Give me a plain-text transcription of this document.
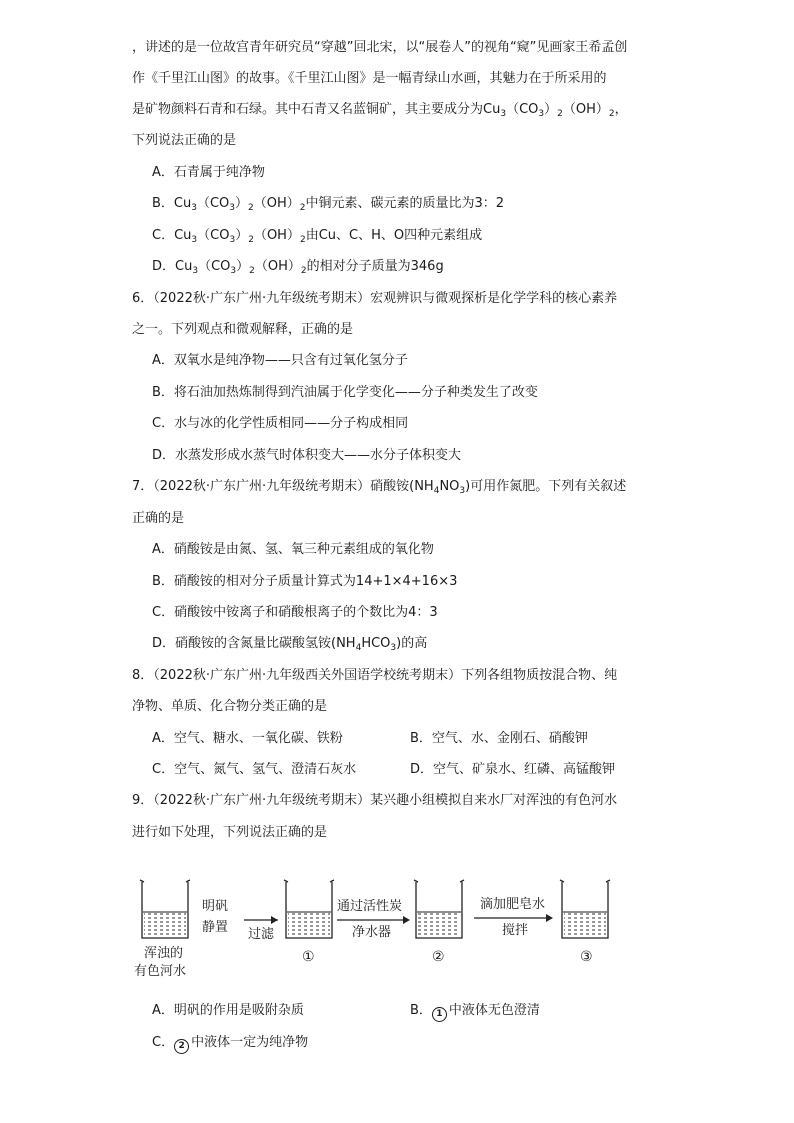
，讲述的是一位故宫青年研究员“穿越”回北宋，以“展卷人”的视角“窥”见画家王希孟创
作《千里江山图》的故事。《千里江山图》是一幅青绿山水画，其魅力在于所采用的
是矿物颜料石青和石绿。其中石青又名蓝铜矿，其主要成分为$Cu_3(CO_3)_2(OH)_2$，
下列说法正确的是
A．石青属于纯净物
B．$Cu_3(CO_3)_2(OH)_2$中铜元素、碳元素的质量比为3：2
C．$Cu_3(CO_3)_2(OH)_2$由Cu、C、H、O四种元素组成
D．$Cu_3(CO_3)_2(OH)_2$的相对分子质量为346g
6．（2022秋·广东广州·九年级统考期末）宏观辨识与微观探析是化学学科的核心素养
之一。下列观点和微观解释，正确的是
A．双氧水是纯净物——只含有过氧化氢分子
B．将石油加热炼制得到汽油属于化学变化——分子种类发生了改变
C．水与冰的化学性质相同——分子构成相同
D．水蒸发形成水蒸气时体积变大——水分子体积变大
7．（2022秋·广东广州·九年级统考期末）硝酸铵$(NH_4NO_3)$可用作氮肥。下列有关叙述
正确的是
A．硝酸铵是由氮、氢、氧三种元素组成的氧化物
B．硝酸铵的相对分子质量计算式为14+1×4+16×3
C．硝酸铵中铵离子和硝酸根离子的个数比为4：3
D．硝酸铵的含氮量比碳酸氢铵$(NH_4HCO_3)$的高
8．（2022秋·广东广州·九年级西关外国语学校统考期末）下列各组物质按混合物、纯
净物、单质、化合物分类正确的是
A．空气、糖水、一氧化碳、铁粉	B．空气、水、金刚石、硝酸钾
C．空气、氮气、氢气、澄清石灰水	D．空气、矿泉水、红磷、高锰酸钾
9．（2022秋·广东广州·九年级统考期末）某兴趣小组模拟自来水厂对浑浊的有色河水
进行如下处理，下列说法正确的是
浑浊的
有色河水
明矾
静置 过滤
①
通过活性炭
净水器
②
滴加肥皂水
搅拌
③
A．明矾的作用是吸附杂质	B． 1 中液体无色澄清
C． 2 中液体一定为纯净物
